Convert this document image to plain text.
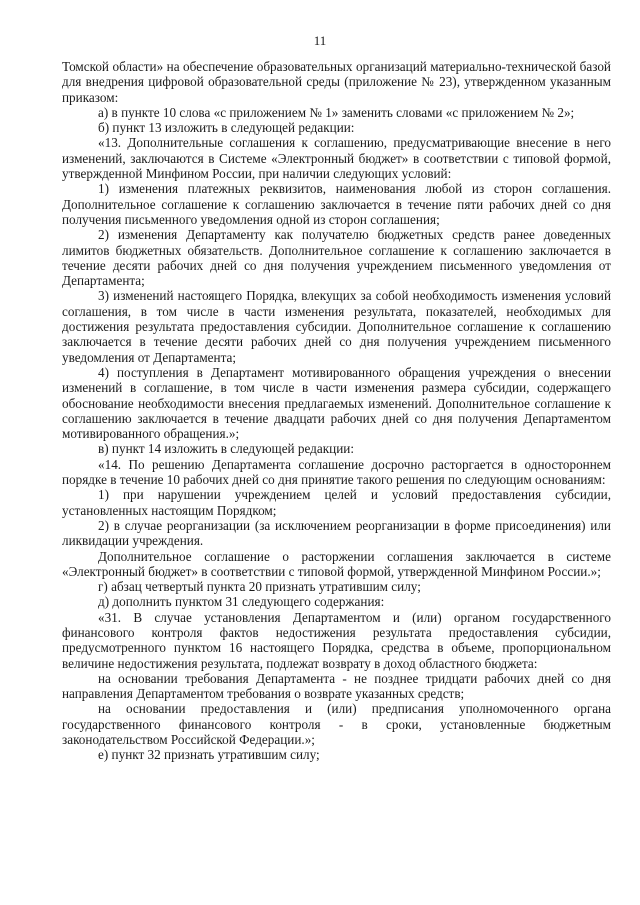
11

Томской области» на обеспечение образовательных организаций материально-технической базой для внедрения цифровой образовательной среды (приложение № 23), утвержденном указанным приказом:

а) в пункте 10 слова «с приложением № 1» заменить словами «с приложением № 2»;

б) пункт 13 изложить в следующей редакции:

«13. Дополнительные соглашения к соглашению, предусматривающие внесение в него изменений, заключаются в Системе «Электронный бюджет» в соответствии с типовой формой, утвержденной Минфином России, при наличии следующих условий:

1) изменения платежных реквизитов, наименования любой из сторон соглашения. Дополнительное соглашение к соглашению заключается в течение пяти рабочих дней со дня получения письменного уведомления одной из сторон соглашения;

2) изменения Департаменту как получателю бюджетных средств ранее доведенных лимитов бюджетных обязательств. Дополнительное соглашение к соглашению заключается в течение десяти рабочих дней со дня получения учреждением письменного уведомления от Департамента;

3) изменений настоящего Порядка, влекущих за собой необходимость изменения условий соглашения, в том числе в части изменения результата, показателей, необходимых для достижения результата предоставления субсидии. Дополнительное соглашение к соглашению заключается в течение десяти рабочих дней со дня получения учреждением письменного уведомления от Департамента;

4) поступления в Департамент мотивированного обращения учреждения о внесении изменений в соглашение, в том числе в части изменения размера субсидии, содержащего обоснование необходимости внесения предлагаемых изменений. Дополнительное соглашение к соглашению заключается в течение двадцати рабочих дней со дня получения Департаментом мотивированного обращения.»;

в) пункт 14 изложить в следующей редакции:

«14. По решению Департамента соглашение досрочно расторгается в одностороннем порядке в течение 10 рабочих дней со дня принятие такого решения по следующим основаниям:

1) при нарушении учреждением целей и условий предоставления субсидии, установленных настоящим Порядком;

2) в случае реорганизации (за исключением реорганизации в форме присоединения) или ликвидации учреждения.

Дополнительное соглашение о расторжении соглашения заключается в системе «Электронный бюджет» в соответствии с типовой формой, утвержденной Минфином России.»;

г) абзац четвертый пункта 20 признать утратившим силу;

д) дополнить пунктом 31 следующего содержания:

«31. В случае установления Департаментом и (или) органом государственного финансового контроля фактов недостижения результата предоставления субсидии, предусмотренного пунктом 16 настоящего Порядка, средства в объеме, пропорциональном величине недостижения результата, подлежат возврату в доход областного бюджета:

на основании требования Департамента - не позднее тридцати рабочих дней со дня направления Департаментом требования о возврате указанных средств;

на основании предоставления и (или) предписания уполномоченного органа государственного финансового контроля - в сроки, установленные бюджетным законодательством Российской Федерации.»;

е) пункт 32 признать утратившим силу;
